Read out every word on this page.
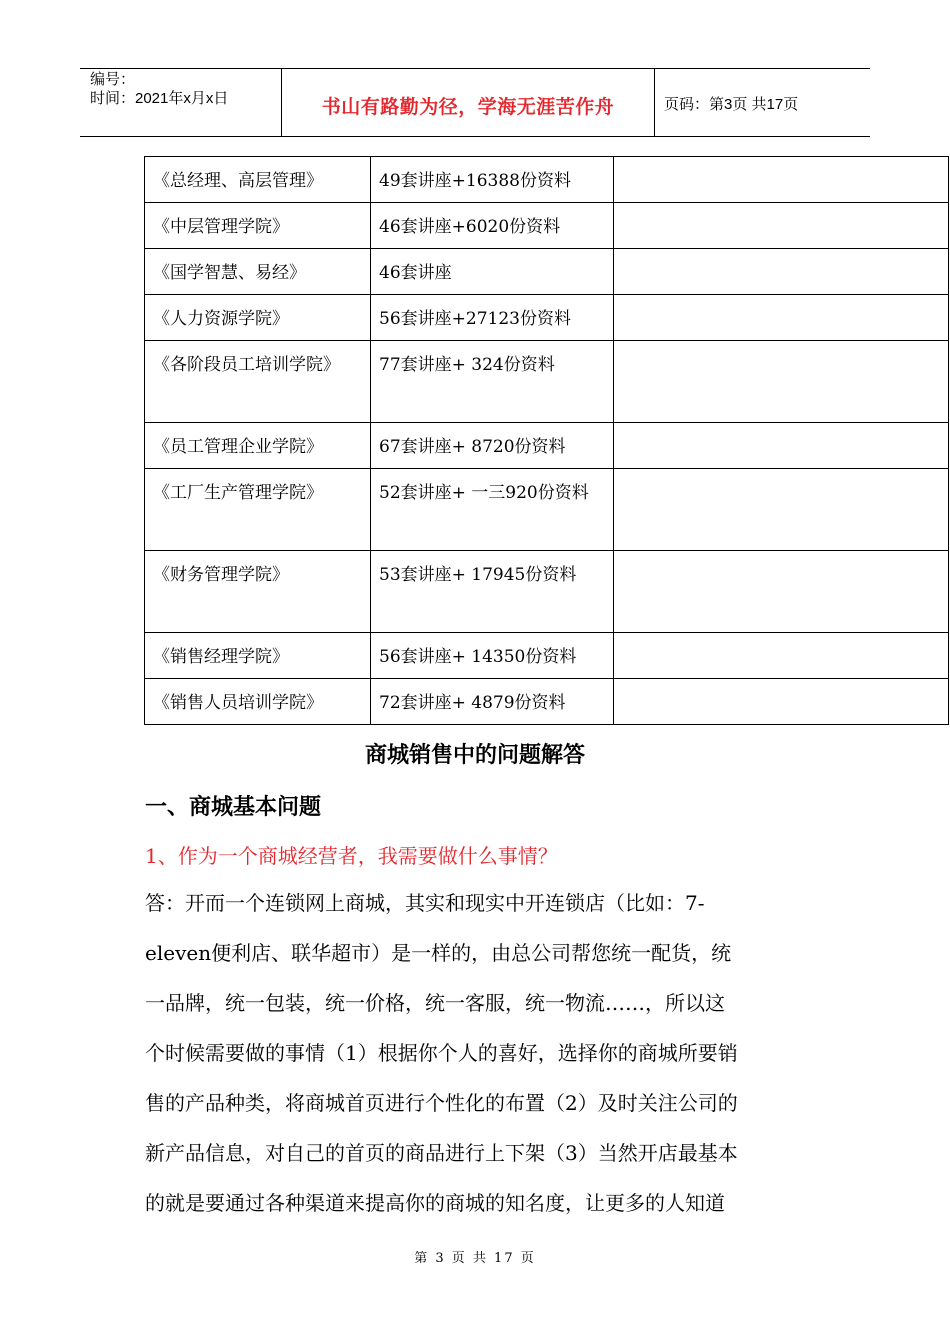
编号：
时间：2021年x月x日	书山有路勤为径，学海无涯苦作舟	页码：第3页 共17页
《总经理、高层管理》	49套讲座+16388份资料	
《中层管理学院》	46套讲座+6020份资料	
《国学智慧、易经》	46套讲座	
《人力资源学院》	56套讲座+27123份资料	
《各阶段员工培训学院》	77套讲座+ 324份资料	
《员工管理企业学院》	67套讲座+ 8720份资料	
《工厂生产管理学院》	52套讲座+ 一三920份资料	
《财务管理学院》	53套讲座+ 17945份资料	
《销售经理学院》	56套讲座+ 14350份资料	
《销售人员培训学院》	72套讲座+ 4879份资料	
商城销售中的问题解答
一、商城基本问题
1、作为一个商城经营者，我需要做什么事情？
答：开而一个连锁网上商城，其实和现实中开连锁店（比如：7-
eleven便利店、联华超市）是一样的，由总公司帮您统一配货，统
一品牌，统一包装，统一价格，统一客服，统一物流……，所以这
个时候需要做的事情（1）根据你个人的喜好，选择你的商城所要销
售的产品种类，将商城首页进行个性化的布置（2）及时关注公司的
新产品信息，对自己的首页的商品进行上下架（3）当然开店最基本
的就是要通过各种渠道来提高你的商城的知名度，让更多的人知道
第 3 页 共 17 页
